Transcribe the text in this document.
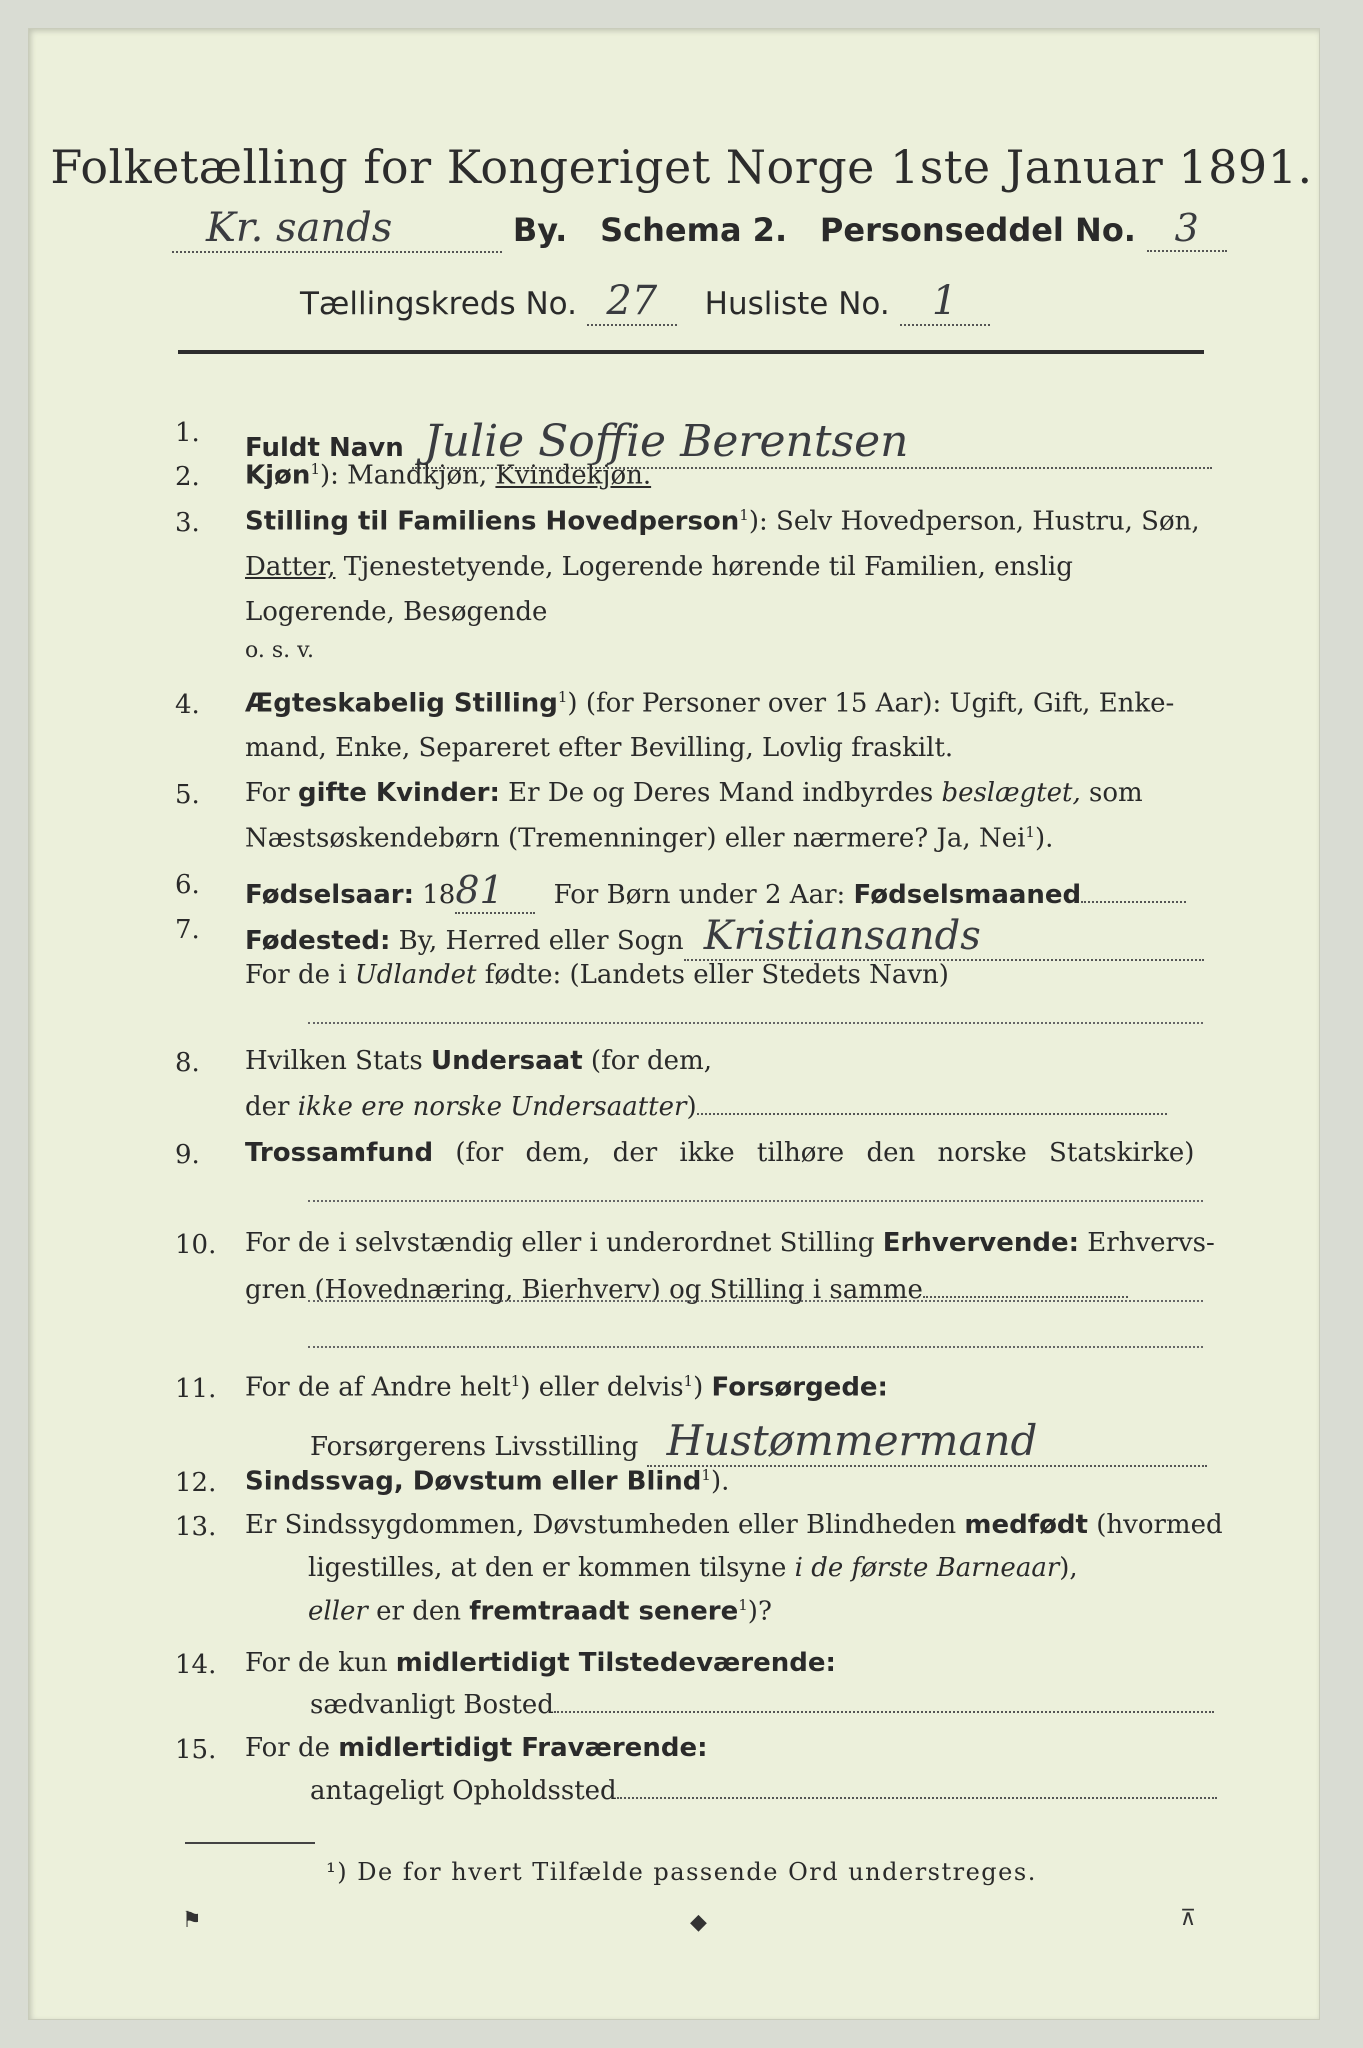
Folketælling for Kongeriget Norge 1ste Januar 1891.
Kr. sands	By. Schema 2. Personseddel No. 3
Tællingskreds No. 27 Husliste No. 1
1.	Fuldt Navn Julie Soffie Berentsen
2.	Kjøn$^1$): Mandkjøn, Kvindekjøn.
3.	Stilling til Familiens Hovedperson$^1$): Selv Hovedperson, Hustru, Søn,
Datter, Tjenestetyende, Logerende hørende til Familien, enslig
Logerende, Besøgende
o. s. v.
4.	Ægteskabelig Stilling$^1$) (for Personer over 15 Aar): Ugift, Gift, Enke-
mand, Enke, Separeret efter Bevilling, Lovlig fraskilt.
5.	For gifte Kvinder: Er De og Deres Mand indbyrdes beslægtet, som
Næstsøskendebørn (Tremenninger) eller nærmere? Ja, Nei$^1$).
6.	Fødselsaar: 1881 For Børn under 2 Aar: Fødselsmaaned
7.	Fødested: By, Herred eller Sogn Kristiansands
For de i Udlandet fødte: (Landets eller Stedets Navn)
8.	Hvilken Stats Undersaat (for dem,
der ikke ere norske Undersaatter)
9.	Trossamfund (for dem, der ikke tilhøre den norske Statskirke)
10.	For de i selvstændig eller i underordnet Stilling Erhvervende: Erhvervs-
gren (Hovednæring, Bierhverv) og Stilling i samme
11.	For de af Andre helt$^1$) eller delvis$^1$) Forsørgede:
Forsørgerens Livsstilling Hustømmermand
12.	Sindssvag, Døvstum eller Blind$^1$).
13.	Er Sindssygdommen, Døvstumheden eller Blindheden medfødt (hvormed
ligestilles, at den er kommen tilsyne i de første Barneaar),
eller er den fremtraadt senere$^1$)?
14.	For de kun midlertidigt Tilstedeværende:
sædvanligt Bosted
15.	For de midlertidigt Fraværende:
antageligt Opholdssted
¹) De for hvert Tilfælde passende Ord understreges.
⚑	◆	⊼
